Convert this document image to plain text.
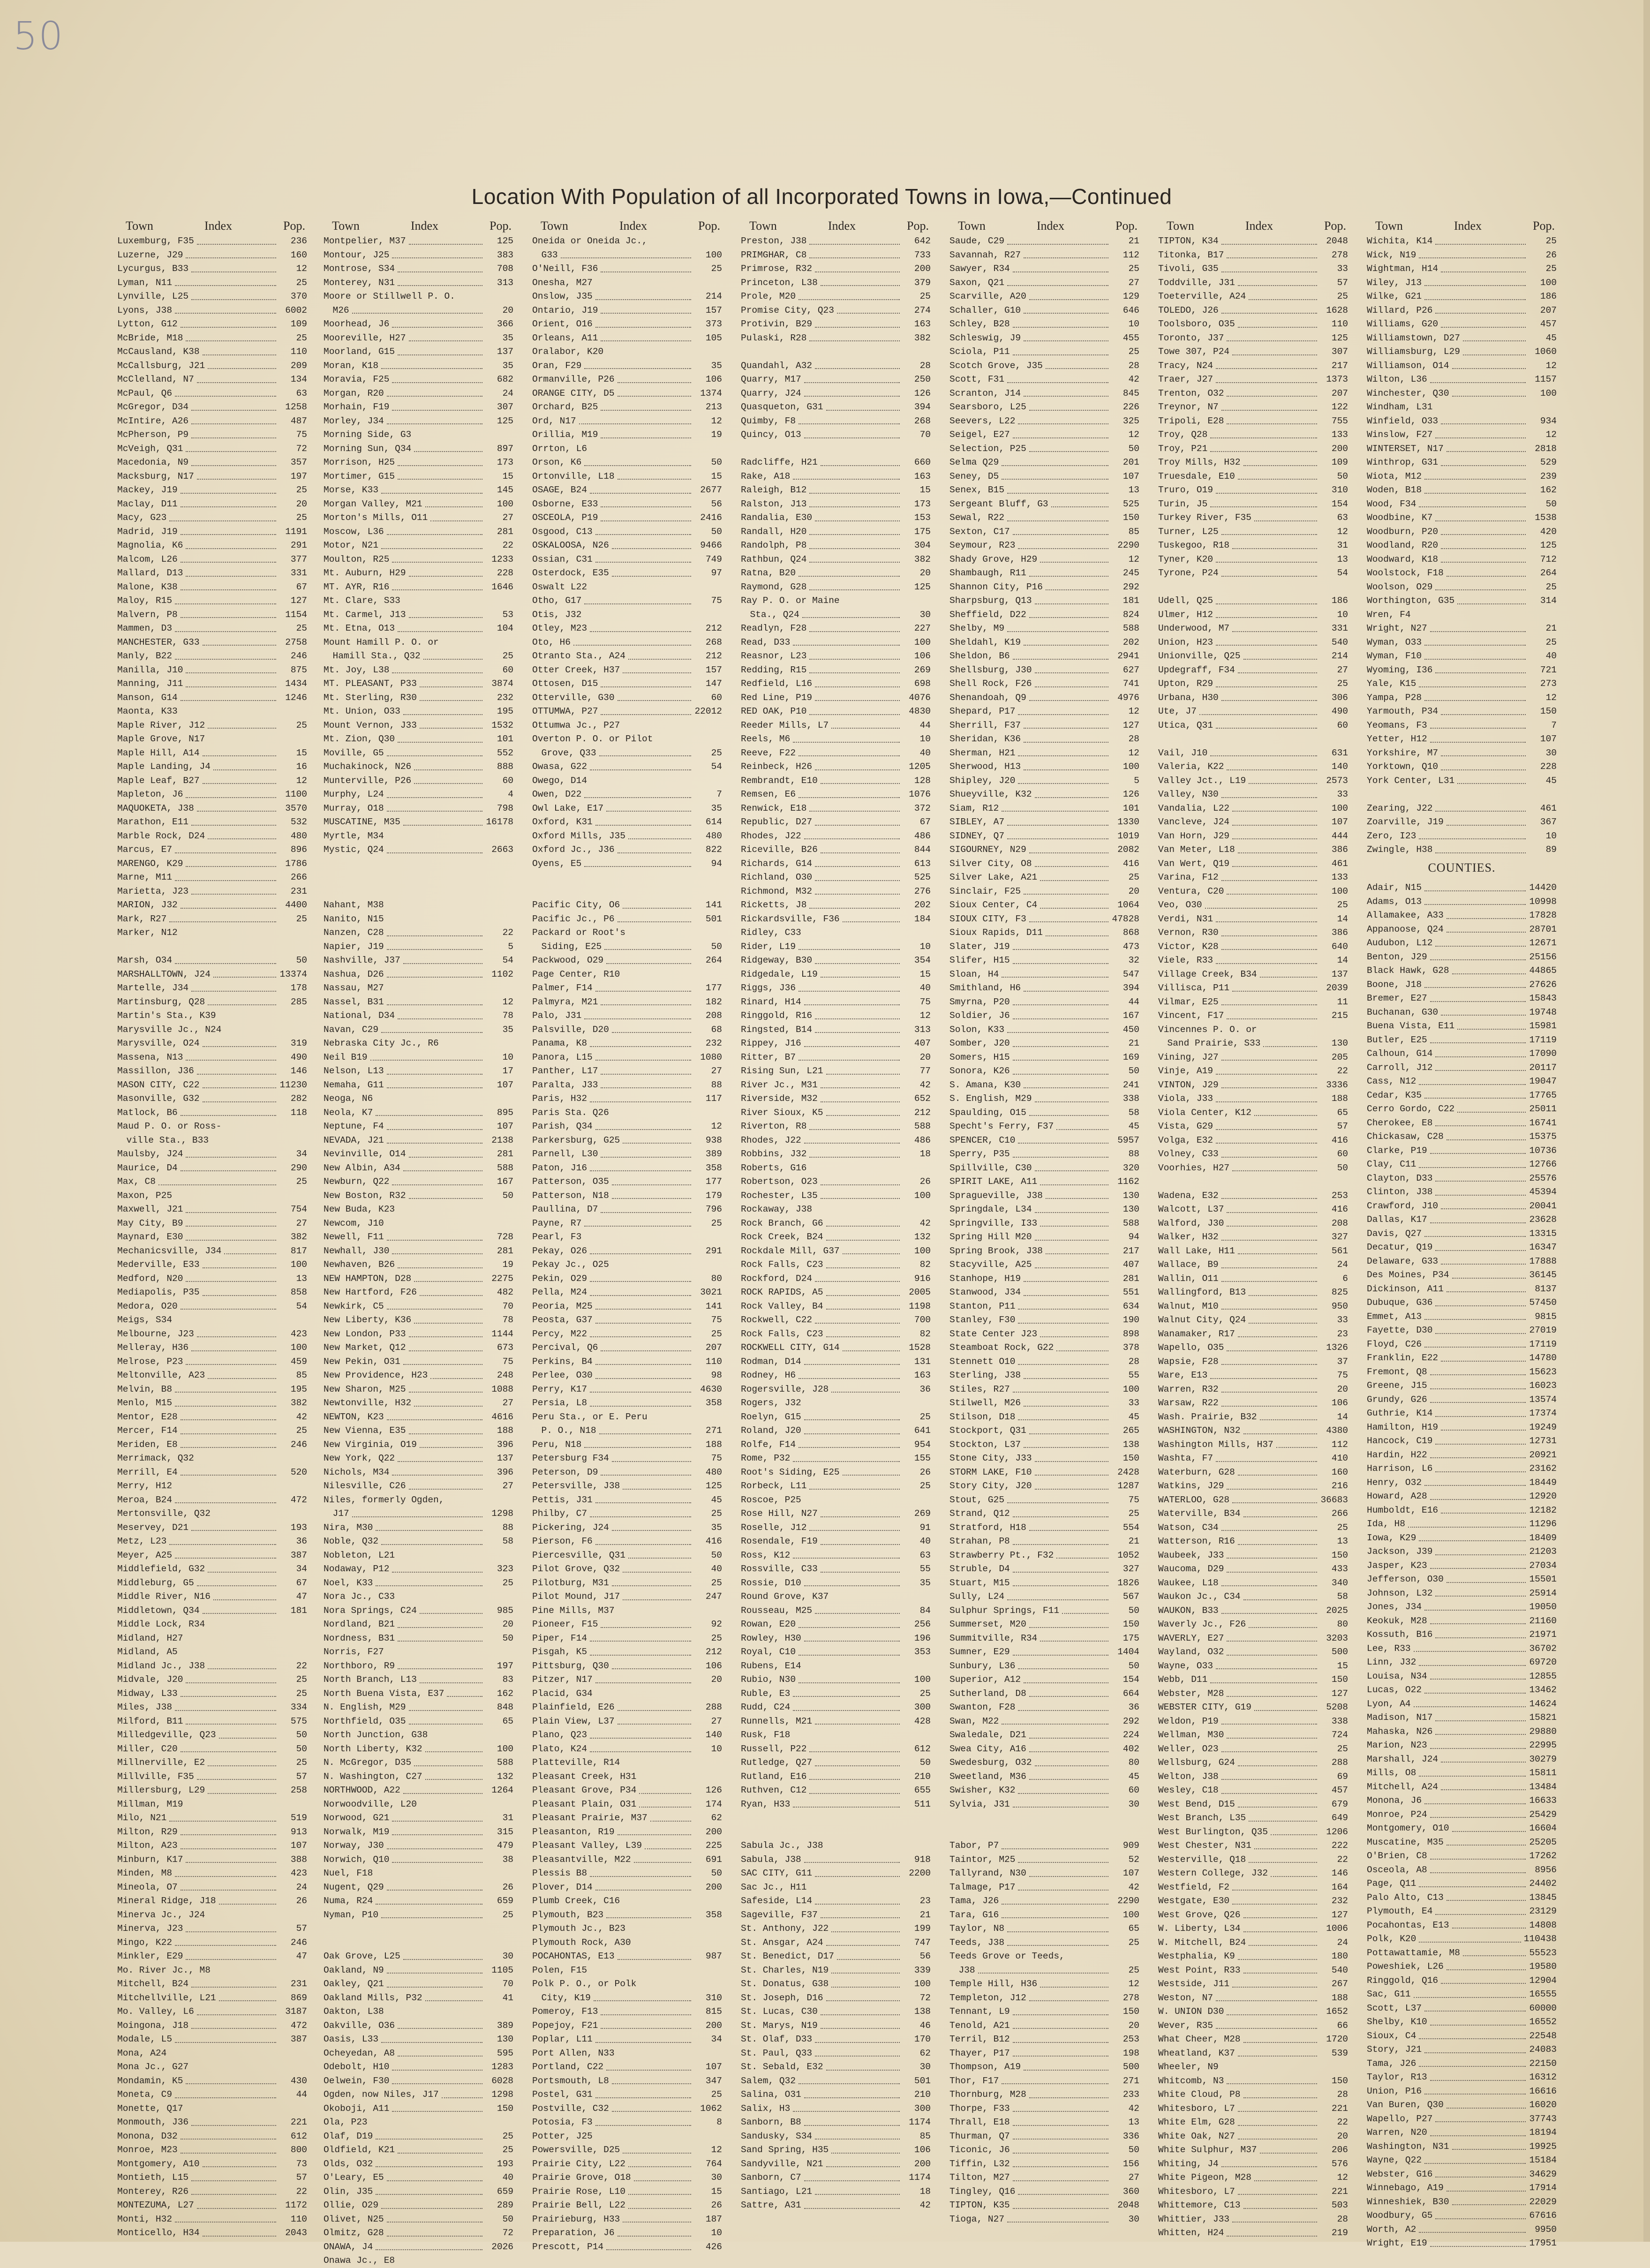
50
Location With Population of all Incorporated Towns in Iowa,—Continued
Town	Index	Pop.
Luxemburg, F35	236
Luzerne, J29	160
Lycurgus, B33	12
Lyman, N11	25
Lynville, L25	370
Lyons, J38	6002
Lytton, G12	109
McBride, M18	25
McCausland, K38	110
McCallsburg, J21	209
McClelland, N7	134
McPaul, Q6	63
McGregor, D34	1258
McIntire, A26	487
McPherson, P9	75
McVeigh, Q31	72
Macedonia, N9	357
Macksburg, N17	197
Mackey, J19	25
Maclay, D11	20
Macy, G23	25
Madrid, J19	1191
Magnolia, K6	291
Malcom, L26	377
Mallard, D13	331
Malone, K38	67
Maloy, R15	127
Malvern, P8	1154
Mammen, D3	25
MANCHESTER, G33	2758
Manly, B22	246
Manilla, J10	875
Manning, J11	1434
Manson, G14	1246
Maonta, K33
Maple River, J12	25
Maple Grove, N17
Maple Hill, A14	15
Maple Landing, J4	16
Maple Leaf, B27	12
Mapleton, J6	1100
MAQUOKETA, J38	3570
Marathon, E11	532
Marble Rock, D24	480
Marcus, E7	896
MARENGO, K29	1786
Marne, M11	266
Marietta, J23	231
MARION, J32	4400
Mark, R27	25
Marker, N12
Marsh, O34	50
MARSHALLTOWN, J24	13374
Martelle, J34	178
Martinsburg, Q28	285
Martin's Sta., K39
Marysville Jc., N24
Marysville, O24	319
Massena, N13	490
Massillon, J36	146
MASON CITY, C22	11230
Masonville, G32	282
Matlock, B6	118
Maud P. O. or Ross-
 ville Sta., B33
Maulsby, J24	34
Maurice, D4	290
Max, C8	25
Maxon, P25
Maxwell, J21	754
May City, B9	27
Maynard, E30	382
Mechanicsville, J34	817
Mederville, E33	100
Medford, N20	13
Mediapolis, P35	858
Medora, O20	54
Meigs, S34
Melbourne, J23	423
Melleray, H36	100
Melrose, P23	459
Meltonville, A23	85
Melvin, B8	195
Menlo, M15	382
Mentor, E28	42
Mercer, F14	25
Meriden, E8	246
Merrimack, Q32
Merrill, E4	520
Merry, H12
Meroa, B24	472
Mertonsville, Q32
Meservey, D21	193
Metz, L23	36
Meyer, A25	387
Middlefield, G32	34
Middleburg, G5	67
Middle River, N16	47
Middletown, Q34	181
Middle Lock, R34
Midland, H27
Midland, A5
Midland Jc., J38	22
Midvale, J20	25
Midway, L33	25
Miles, J38	334
Milford, B11	575
Milledgeville, Q23	50
Miller, C20	50
Millnerville, E2	25
Millville, F35	57
Millersburg, L29	258
Millman, M19
Milo, N21	519
Milton, R29	913
Milton, A23	107
Minburn, K17	388
Minden, M8	423
Mineola, O7	24
Mineral Ridge, J18	26
Minerva Jc., J24
Minerva, J23	57
Mingo, K22	246
Minkler, E29	47
Mo. River Jc., M8
Mitchell, B24	231
Mitchellville, L21	869
Mo. Valley, L6	3187
Moingona, J18	472
Modale, L5	387
Mona, A24
Mona Jc., G27
Mondamin, K5	430
Moneta, C9	44
Monette, Q17
Monmouth, J36	221
Monona, D32	612
Monroe, M23	800
Montgomery, A10	73
Montieth, L15	57
Monterey, R26	22
MONTEZUMA, L27	1172
Monti, H32	110
Monticello, H34	2043
Town	Index	Pop.
Montpelier, M37	125
Montour, J25	383
Montrose, S34	708
Monterey, N31	313
Moore or Stillwell P. O.
 M26	20
Moorhead, J6	366
Mooreville, H27	35
Moorland, G15	137
Moran, K18	35
Moravia, F25	682
Morgan, R20	24
Morhain, F19	307
Morley, J34	125
Morning Side, G3
Morning Sun, Q34	897
Morrison, H25	173
Mortimer, G15	15
Morse, K33	145
Morgan Valley, M21	100
Morton's Mills, O11	27
Moscow, L36	281
Motor, N21	22
Moulton, R25	1233
Mt. Auburn, H29	228
MT. AYR, R16	1646
Mt. Clare, S33
Mt. Carmel, J13	53
Mt. Etna, O13	104
Mount Hamill P. O. or
 Hamill Sta., Q32	25
Mt. Joy, L38	60
MT. PLEASANT, P33	3874
Mt. Sterling, R30	232
Mt. Union, O33	195
Mount Vernon, J33	1532
Mt. Zion, Q30	101
Moville, G5	552
Muchakinock, N26	888
Munterville, P26	60
Murphy, L24	4
Murray, O18	798
MUSCATINE, M35	16178
Myrtle, M34
Mystic, Q24	2663
Nahant, M38
Nanito, N15
Nanzen, C28	22
Napier, J19	5
Nashville, J37	54
Nashua, D26	1102
Nassau, M27
Nassel, B31	12
National, D34	78
Navan, C29	35
Nebraska City Jc., R6
Neil B19	10
Nelson, L13	17
Nemaha, G11	107
Neoga, N6
Neola, K7	895
Neptune, F4	107
NEVADA, J21	2138
Nevinville, O14	281
New Albin, A34	588
Newburn, Q22	167
New Boston, R32	50
New Buda, K23
Newcom, J10
Newell, F11	728
Newhall, J30	281
Newhaven, B26	19
NEW HAMPTON, D28	2275
New Hartford, F26	482
Newkirk, C5	70
New Liberty, K36	78
New London, P33	1144
New Market, Q12	673
New Pekin, O31	75
New Providence, H23	248
New Sharon, M25	1088
Newtonville, H32	27
NEWTON, K23	4616
New Vienna, E35	188
New Virginia, O19	396
New York, Q22	137
Nichols, M34	396
Nilesville, C26	27
Niles, formerly Ogden,
 J17	1298
Nira, M30	88
Noble, Q32	58
Nobleton, L21
Nodaway, P12	323
Noel, K33	25
Nora Jc., C33
Nora Springs, C24	985
Nordland, B21	20
Nordness, B31	50
Norris, F27
Northboro, R9	197
North Branch, L13	83
North Buena Vista, E37	162
N. English, M29	848
Northfield, O35	65
North Junction, G38
North Liberty, K32	100
N. McGregor, D35	588
N. Washington, C27	132
NORTHWOOD, A22	1264
Norwoodville, L20
Norwood, G21	31
Norwalk, M19	315
Norway, J30	479
Norwich, Q10	38
Nuel, F18
Nugent, Q29	26
Numa, R24	659
Nyman, P10	25
Oak Grove, L25	30
Oakland, N9	1105
Oakley, Q21	70
Oakland Mills, P32	41
Oakton, L38
Oakville, O36	389
Oasis, L33	130
Ocheyedan, A8	595
Odebolt, H10	1283
Oelwein, F30	6028
Ogden, now Niles, J17	1298
Okoboji, A11	150
Ola, P23
Olaf, D19	25
Oldfield, K21	25
Olds, O32	193
O'Leary, E5	40
Olin, J35	659
Ollie, O29	289
Olivet, N25	50
Olmitz, G28	72
ONAWA, J4	2026
Onawa Jc., E8
Town	Index	Pop.
Oneida or Oneida Jc.,
 G33	100
O'Neill, F36	25
Onesha, M27
Onslow, J35	214
Ontario, J19	157
Orient, O16	373
Orleans, A11	105
Oralabor, K20
Oran, F29	35
Ormanville, P26	106
ORANGE CITY, D5	1374
Orchard, B25	213
Ord, N17	12
Orillia, M19	19
Orrton, L6
Orson, K6	50
Ortonville, L18	15
OSAGE, B24	2677
Osborne, E33	56
OSCEOLA, P19	2416
Osgood, C13	50
OSKALOOSA, N26	9466
Ossian, C31	749
Osterdock, E35	97
Oswalt L22
Otho, G17	75
Otis, J32
Otley, M23	212
Oto, H6	268
Otranto Sta., A24	212
Otter Creek, H37	157
Ottosen, D15	147
Otterville, G30	60
OTTUMWA, P27	22012
Ottumwa Jc., P27
Overton P. O. or Pilot
 Grove, Q33	25
Owasa, G22	54
Owego, D14
Owen, D22	7
Owl Lake, E17	35
Oxford, K31	614
Oxford Mills, J35	480
Oxford Jc., J36	822
Oyens, E5	94
Pacific City, O6	141
Pacific Jc., P6	501
Packard or Root's
 Siding, E25	50
Packwood, O29	264
Page Center, R10
Palmer, F14	177
Palmyra, M21	182
Palo, J31	208
Palsville, D20	68
Panama, K8	232
Panora, L15	1080
Panther, L17	27
Paralta, J33	88
Paris, H32	117
Paris Sta. Q26
Parish, Q34	12
Parkersburg, G25	938
Parnell, L30	389
Paton, J16	358
Patterson, O35	177
Patterson, N18	179
Paullina, D7	796
Payne, R7	25
Pearl, F3
Pekay, O26	291
Pekay Jc., O25
Pekin, O29	80
Pella, M24	3021
Peoria, M25	141
Peosta, G37	75
Percy, M22	25
Percival, Q6	207
Perkins, B4	110
Perlee, O30	98
Perry, K17	4630
Persia, L8	358
Peru Sta., or E. Peru
 P. O., N18	271
Peru, N18	188
Petersburg F34	75
Peterson, D9	480
Petersville, J38	125
Pettis, J31	45
Philby, C7	25
Pickering, J24	35
Pierson, F6	416
Piercesville, Q31	50
Pilot Grove, Q32	40
Pilotburg, M31	25
Pilot Mound, J17	247
Pine Mills, M37
Pioneer, F15	92
Piper, F14	25
Pisgah, K5	212
Pittsburg, Q30	106
Pitzer, N17	20
Placid, G34
Plainfield, E26	288
Plain View, L37	27
Plano, Q23	140
Plato, K24	10
Platteville, R14
Pleasant Creek, H31
Pleasant Grove, P34	126
Pleasant Plain, O31	174
Pleasant Prairie, M37	62
Pleasanton, R19	200
Pleasant Valley, L39	225
Pleasantville, M22	691
Plessis B8	50
Plover, D14	200
Plumb Creek, C16
Plymouth, B23	358
Plymouth Jc., B23
Plymouth Rock, A30
POCAHONTAS, E13	987
Polen, F15
Polk P. O., or Polk
 City, K19	310
Pomeroy, F13	815
Popejoy, F21	200
Poplar, L11	34
Port Allen, N33
Portland, C22	107
Portsmouth, L8	347
Postel, G31	25
Postville, C32	1062
Potosia, F3	8
Potter, J25
Powersville, D25	12
Prairie City, L22	764
Prairie Grove, O18	30
Prairie Rose, L10	15
Prairie Bell, L22	26
Prairieburg, H33	187
Preparation, J6	10
Prescott, P14	426
Town	Index	Pop.
Preston, J38	642
PRIMGHAR, C8	733
Primrose, R32	200
Princeton, L38	379
Prole, M20	25
Promise City, Q23	274
Protivin, B29	163
Pulaski, R28	382
Quandahl, A32	28
Quarry, M17	250
Quarry, J24	126
Quasqueton, G31	394
Quimby, F8	268
Quincy, O13	70
Radcliffe, H21	660
Rake, A18	163
Raleigh, B12	15
Ralston, J13	173
Randalia, E30	153
Randall, H20	175
Randolph, P8	304
Rathbun, Q24	382
Ratna, B20	20
Raymond, G28	125
Ray P. O. or Maine
 Sta., Q24	30
Readlyn, F28	227
Read, D33	100
Reasnor, L23	106
Redding, R15	269
Redfield, L16	698
Red Line, P19	4076
RED OAK, P10	4830
Reeder Mills, L7	44
Reels, M6	10
Reeve, F22	40
Reinbeck, H26	1205
Rembrandt, E10	128
Remsen, E6	1076
Renwick, E18	372
Republic, D27	67
Rhodes, J22	486
Riceville, B26	844
Richards, G14	613
Richland, O30	525
Richmond, M32	276
Ricketts, J8	202
Rickardsville, F36	184
Ridley, C33
Rider, L19	10
Ridgeway, B30	354
Ridgedale, L19	15
Riggs, J36	40
Rinard, H14	75
Ringgold, R16	12
Ringsted, B14	313
Rippey, J16	407
Ritter, B7	20
Rising Sun, L21	77
River Jc., M31	42
Riverside, M32	652
River Sioux, K5	212
Riverton, R8	588
Rhodes, J22	486
Robbins, J32	18
Roberts, G16
Robertson, O23	26
Rochester, L35	100
Rockaway, J38
Rock Branch, G6	42
Rock Creek, B24	132
Rockdale Mill, G37	100
Rock Falls, C23	82
Rockford, D24	916
ROCK RAPIDS, A5	2005
Rock Valley, B4	1198
Rockwell, C22	700
Rock Falls, C23	82
ROCKWELL CITY, G14	1528
Rodman, D14	131
Rodney, H6	163
Rogersville, J28	36
Rogers, J32
Roelyn, G15	25
Roland, J20	641
Rolfe, F14	954
Rome, P32	155
Root's Siding, E25	26
Rorbeck, L11	25
Roscoe, P25
Rose Hill, N27	269
Roselle, J12	91
Rosendale, F19	40
Ross, K12	63
Rossville, C33	55
Rossie, D10	35
Round Grove, K37
Rousseau, M25	84
Rowan, E20	256
Rowley, H30	196
Royal, C10	353
Rubens, E14
Rubio, N30	100
Ruble, E3	25
Rudd, C24	300
Runnells, M21	428
Rusk, F18
Russell, P22	612
Rutledge, Q27	50
Rutland, E16	210
Ruthven, C12	655
Ryan, H33	511
Sabula Jc., J38
Sabula, J38	918
SAC CITY, G11	2200
Sac Jc., H11
Safeside, L14	23
Sageville, F37	21
St. Anthony, J22	199
St. Ansgar, A24	747
St. Benedict, D17	56
St. Charles, N19	339
St. Donatus, G38	100
St. Joseph, D16	72
St. Lucas, C30	138
St. Marys, N19	46
St. Olaf, D33	170
St. Paul, Q33	62
St. Sebald, E32	30
Salem, Q32	501
Salina, O31	210
Salix, H3	300
Sanborn, B8	1174
Sandusky, S34	85
Sand Spring, H35	106
Sandyville, N21	200
Sanborn, C7	1174
Santiago, L21	18
Sattre, A31	42
Town	Index	Pop.
Saude, C29	21
Savannah, R27	112
Sawyer, R34	25
Saxon, Q21	27
Scarville, A20	129
Schaller, G10	646
Schley, B28	10
Schleswig, J9	455
Sciola, P11	25
Scotch Grove, J35	28
Scott, F31	42
Scranton, J14	845
Searsboro, L25	226
Seevers, L22	325
Seigel, E27	12
Selection, P25	50
Selma Q29	201
Seney, D5	107
Senex, B15	13
Sergeant Bluff, G3	525
Sewal, R22	150
Sexton, C17	85
Seymour, R23	2290
Shady Grove, H29	12
Shambaugh, R11	245
Shannon City, P16	292
Sharpsburg, Q13	181
Sheffield, D22	824
Shelby, M9	588
Sheldahl, K19	202
Sheldon, B6	2941
Shellsburg, J30	627
Shell Rock, F26	741
Shenandoah, Q9	4976
Shepard, P17	12
Sherrill, F37	127
Sheridan, K36	28
Sherman, H21	12
Sherwood, H13	100
Shipley, J20	5
Shueyville, K32	126
Siam, R12	101
SIBLEY, A7	1330
SIDNEY, Q7	1019
SIGOURNEY, N29	2082
Silver City, O8	416
Silver Lake, A21	25
Sinclair, F25	20
Sioux Center, C4	1064
SIOUX CITY, F3	47828
Sioux Rapids, D11	868
Slater, J19	473
Slifer, H15	32
Sloan, H4	547
Smithland, H6	394
Smyrna, P20	44
Soldier, J6	167
Solon, K33	450
Somber, J20	21
Somers, H15	169
Sonora, K26	50
S. Amana, K30	241
S. English, M29	338
Spaulding, O15	58
Specht's Ferry, F37	45
SPENCER, C10	5957
Sperry, P35	88
Spillville, C30	320
SPIRIT LAKE, A11	1162
Spragueville, J38	130
Springdale, L34	130
Springville, I33	588
Spring Hill M20	94
Spring Brook, J38	217
Stacyville, A25	407
Stanhope, H19	281
Stanwood, J34	551
Stanton, P11	634
Stanley, F30	190
State Center J23	898
Steamboat Rock, G22	378
Stennett O10	28
Sterling, J38	55
Stiles, R27	100
Stilwell, M26	33
Stilson, D18	45
Stockport, Q31	265
Stockton, L37	138
Stone City, J33	150
STORM LAKE, F10	2428
Story City, J20	1287
Stout, G25	75
Strand, Q12	25
Stratford, H18	554
Strahan, P8	21
Strawberry Pt., F32	1052
Struble, D4	327
Stuart, M15	1826
Sully, L24	567
Sulphur Springs, F11	50
Summerset, M20	150
Summitville, R34	175
Sumner, E29	1404
Sunbury, L36	50
Superior, A12	154
Sutherland, D8	664
Swanton, F28	36
Swan, M22	292
Swaledale, D21	224
Swea City, A16	402
Swedesburg, O32	80
Sweetland, M36	45
Swisher, K32	60
Sylvia, J31	30
Tabor, P7	909
Taintor, M25	52
Tallyrand, N30	107
Talmage, P17	42
Tama, J26	2290
Tara, G16	100
Taylor, N8	65
Teeds, J38	25
Teeds Grove or Teeds,
 J38	25
Temple Hill, H36	12
Templeton, J12	278
Tennant, L9	150
Tenold, A21	20
Terril, B12	253
Thayer, P17	198
Thompson, A19	500
Thor, F17	271
Thornburg, M28	233
Thorpe, F33	42
Thrall, E18	13
Thurman, Q7	336
Ticonic, J6	50
Tiffin, L32	156
Tilton, M27	27
Tingley, Q16	360
TIPTON, K35	2048
Tioga, N27	30
Town	Index	Pop.
TIPTON, K34	2048
Titonka, B17	278
Tivoli, G35	33
Toddville, J31	57
Toeterville, A24	25
TOLEDO, J26	1628
Toolsboro, O35	110
Toronto, J37	125
Towe 307, P24	307
Tracy, N24	217
Traer, J27	1373
Trenton, O32	207
Treynor, N7	122
Tripoli, E28	755
Troy, Q28	133
Troy, P21	200
Troy Mills, H32	109
Truesdale, E10	50
Truro, O19	310
Turin, J5	154
Turkey River, F35	63
Turner, L25	12
Tuskegoo, R18	31
Tyner, K20	13
Tyrone, P24	54
Udell, Q25	186
Ulmer, H12	10
Underwood, M7	331
Union, H23	540
Unionville, Q25	214
Updegraff, F34	27
Upton, R29	25
Urbana, H30	306
Ute, J7	490
Utica, Q31	60
Vail, J10	631
Valeria, K22	140
Valley Jct., L19	2573
Valley, N30	33
Vandalia, L22	100
Vancleve, J24	107
Van Horn, J29	444
Van Meter, L18	386
Van Wert, Q19	461
Varina, F12	133
Ventura, C20	100
Veo, O30	25
Verdi, N31	14
Vernon, R30	386
Victor, K28	640
Viele, R33	14
Village Creek, B34	137
Villisca, P11	2039
Vilmar, E25	11
Vincent, F17	215
Vincennes P. O. or
 Sand Prairie, S33	130
Vining, J27	205
Vinje, A19	22
VINTON, J29	3336
Viola, J33	188
Viola Center, K12	65
Vista, G29	57
Volga, E32	416
Volney, C33	60
Voorhies, H27	50
Wadena, E32	253
Walcott, L37	416
Walford, J30	208
Walker, H32	327
Wall Lake, H11	561
Wallace, B9	24
Wallin, O11	6
Wallingford, B13	825
Walnut, M10	950
Walnut City, Q24	33
Wanamaker, R17	23
Wapello, O35	1326
Wapsie, F28	37
Ware, E13	75
Warren, R32	20
Warsaw, R22	106
Wash. Prairie, B32	14
WASHINGTON, N32	4380
Washington Mills, H37	112
Washta, F7	410
Waterburn, G28	160
Watkins, J29	216
WATERLOO, G28	36683
Waterville, B34	266
Watson, C34	25
Watterson, R16	13
Waubeek, J33	150
Waucoma, D29	433
Waukee, L18	340
Waukon Jc., C34	58
WAUKON, B33	2025
Waverly Jc., F26	80
WAVERLY, E27	3203
Wayland, O32	500
Wayne, O33	15
Webb, D11	150
Webster, M28	127
WEBSTER CITY, G19	5208
Weldon, P19	338
Wellman, M30	724
Weller, O23	25
Wellsburg, G24	288
Welton, J38	69
Wesley, C18	457
West Bend, D15	679
West Branch, L35	649
West Burlington, Q35	1206
West Chester, N31	222
Westerville, Q18	22
Western College, J32	146
Westfield, F2	164
Westgate, E30	232
West Grove, Q26	127
W. Liberty, L34	1006
W. Mitchell, B24	24
Westphalia, K9	180
West Point, R33	540
Westside, J11	267
Weston, N7	188
W. UNION D30	1652
Wever, R35	66
What Cheer, M28	1720
Wheatland, K37	539
Wheeler, N9
Whitcomb, N3	150
White Cloud, P8	28
Whitesboro, L7	221
White Elm, G28	22
White Oak, N27	20
White Sulphur, M37	206
Whiting, J4	576
White Pigeon, M28	12
Whitesboro, L7	221
Whittemore, C13	503
Whittier, J33	28
Whitten, H24	219
Town	Index	Pop.
Wichita, K14	25
Wick, N19	26
Wightman, H14	25
Wiley, J13	100
Wilke, G21	186
Willard, P26	207
Williams, G20	457
Williamstown, D27	45
Williamsburg, L29	1060
Williamson, O14	12
Wilton, L36	1157
Winchester, Q30	100
Windham, L31
Winfield, O33	934
Winslow, F27	12
WINTERSET, N17	2818
Winthrop, G31	529
Wiota, M12	239
Woden, B18	162
Wood, F34	50
Woodbine, K7	1538
Woodburn, P20	420
Woodland, R20	125
Woodward, K18	712
Woolstock, F18	264
Woolson, O29	25
Worthington, G35	314
Wren, F4
Wright, N27	21
Wyman, O33	25
Wyman, F10	40
Wyoming, I36	721
Yale, K15	273
Yampa, P28	12
Yarmouth, P34	150
Yeomans, F3	7
Yetter, H12	107
Yorkshire, M7	30
Yorktown, Q10	228
York Center, L31	45
Zearing, J22	461
Zoarville, J19	367
Zero, I23	10
Zwingle, H38	89
COUNTIES.
Adair, N15	14420
Adams, O13	10998
Allamakee, A33	17828
Appanoose, Q24	28701
Audubon, L12	12671
Benton, J29	25156
Black Hawk, G28	44865
Boone, J18	27626
Bremer, E27	15843
Buchanan, G30	19748
Buena Vista, E11	15981
Butler, E25	17119
Calhoun, G14	17090
Carroll, J12	20117
Cass, N12	19047
Cedar, K35	17765
Cerro Gordo, C22	25011
Cherokee, E8	16741
Chickasaw, C28	15375
Clarke, P19	10736
Clay, C11	12766
Clayton, D33	25576
Clinton, J38	45394
Crawford, J10	20041
Dallas, K17	23628
Davis, Q27	13315
Decatur, Q19	16347
Delaware, G33	17888
Des Moines, P34	36145
Dickinson, A11	8137
Dubuque, G36	57450
Emmet, A13	9815
Fayette, D30	27019
Floyd, C26	17119
Franklin, E22	14780
Fremont, Q8	15623
Greene, J15	16023
Grundy, G26	13574
Guthrie, K14	17374
Hamilton, H19	19249
Hancock, C19	12731
Hardin, H22	20921
Harrison, L6	23162
Henry, O32	18449
Howard, A28	12920
Humboldt, E16	12182
Ida, H8	11296
Iowa, K29	18409
Jackson, J39	21203
Jasper, K23	27034
Jefferson, O30	15501
Johnson, L32	25914
Jones, J34	19050
Keokuk, M28	21160
Kossuth, B16	21971
Lee, R33	36702
Linn, J32	69720
Louisa, N34	12855
Lucas, O22	13462
Lyon, A4	14624
Madison, N17	15821
Mahaska, N26	29880
Marion, N23	22995
Marshall, J24	30279
Mills, O8	15811
Mitchell, A24	13484
Monona, J6	16633
Monroe, P24	25429
Montgomery, O10	16604
Muscatine, M35	25205
O'Brien, C8	17262
Osceola, A8	8956
Page, Q11	24402
Palo Alto, C13	13845
Plymouth, E4	23129
Pocahontas, E13	14808
Polk, K20	110438
Pottawattamie, M8	55523
Poweshiek, L26	19580
Ringgold, Q16	12904
Sac, G11	16555
Scott, L37	60000
Shelby, K10	16552
Sioux, C4	22548
Story, J21	24083
Tama, J26	22150
Taylor, R13	16312
Union, P16	16616
Van Buren, Q30	16020
Wapello, P27	37743
Warren, N20	18194
Washington, N31	19925
Wayne, Q22	15184
Webster, G16	34629
Winnebago, A19	17914
Winneshiek, B30	22029
Woodbury, G5	67616
Worth, A2	9950
Wright, E19	17951
